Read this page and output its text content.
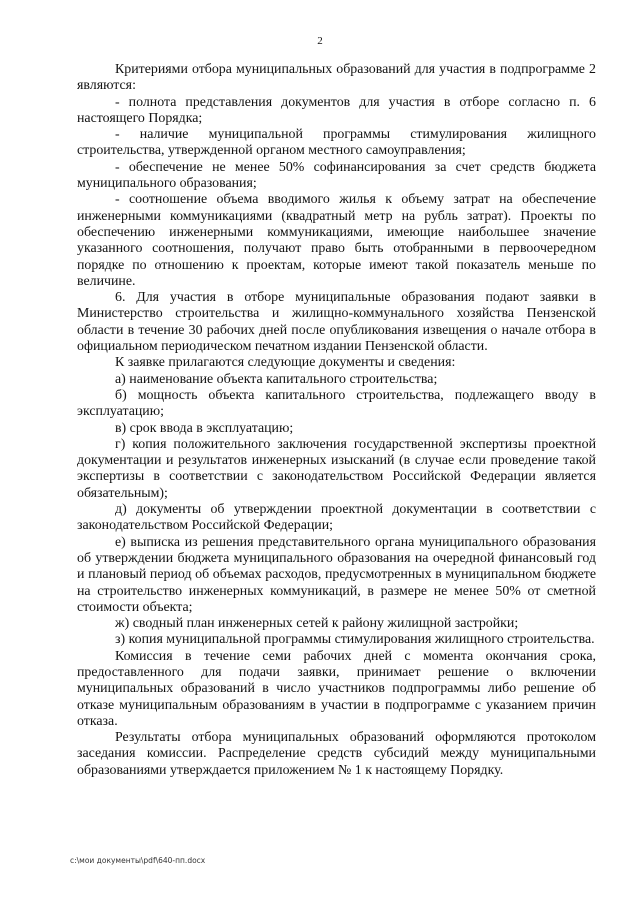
2

Критериями отбора муниципальных образований для участия в подпрограмме 2 являются:

- полнота представления документов для участия в отборе согласно п. 6 настоящего Порядка;

- наличие муниципальной программы стимулирования жилищного строительства, утвержденной органом местного самоуправления;

- обеспечение не менее 50% софинансирования за счет средств бюджета муниципального образования;

- соотношение объема вводимого жилья к объему затрат на обеспечение инженерными коммуникациями (квадратный метр на рубль затрат). Проекты по обеспечению инженерными коммуникациями, имеющие наибольшее значение указанного соотношения, получают право быть отобранными в первоочередном порядке по отношению к проектам, которые имеют такой показатель меньше по величине.

6. Для участия в отборе муниципальные образования подают заявки в Министерство строительства и жилищно-коммунального хозяйства Пензенской области в течение 30 рабочих дней после опубликования извещения о начале отбора в официальном периодическом печатном издании Пензенской области.

К заявке прилагаются следующие документы и сведения:

а) наименование объекта капитального строительства;

б) мощность объекта капитального строительства, подлежащего вводу в эксплуатацию;

в) срок ввода в эксплуатацию;

г) копия положительного заключения государственной экспертизы проектной документации и результатов инженерных изысканий (в случае если проведение такой экспертизы в соответствии с законодательством Российской Федерации является обязательным);

д) документы об утверждении проектной документации в соответствии с законодательством Российской Федерации;

е) выписка из решения представительного органа муниципального образования об утверждении бюджета муниципального образования на очередной финансовый год и плановый период об объемах расходов, предусмотренных в муниципальном бюджете на строительство инженерных коммуникаций, в размере не менее 50% от сметной стоимости объекта;

ж) сводный план инженерных сетей к району жилищной застройки;

з) копия муниципальной программы стимулирования жилищного строительства.

Комиссия в течение семи рабочих дней с момента окончания срока, предоставленного для подачи заявки, принимает решение о включении муниципальных образований в число участников подпрограммы либо решение об отказе муниципальным образованиям в участии в подпрограмме с указанием причин отказа.

Результаты отбора муниципальных образований оформляются протоколом заседания комиссии. Распределение средств субсидий между муниципальными образованиями утверждается приложением № 1 к настоящему Порядку.

c:\мои документы\pdf\640-пп.docx
